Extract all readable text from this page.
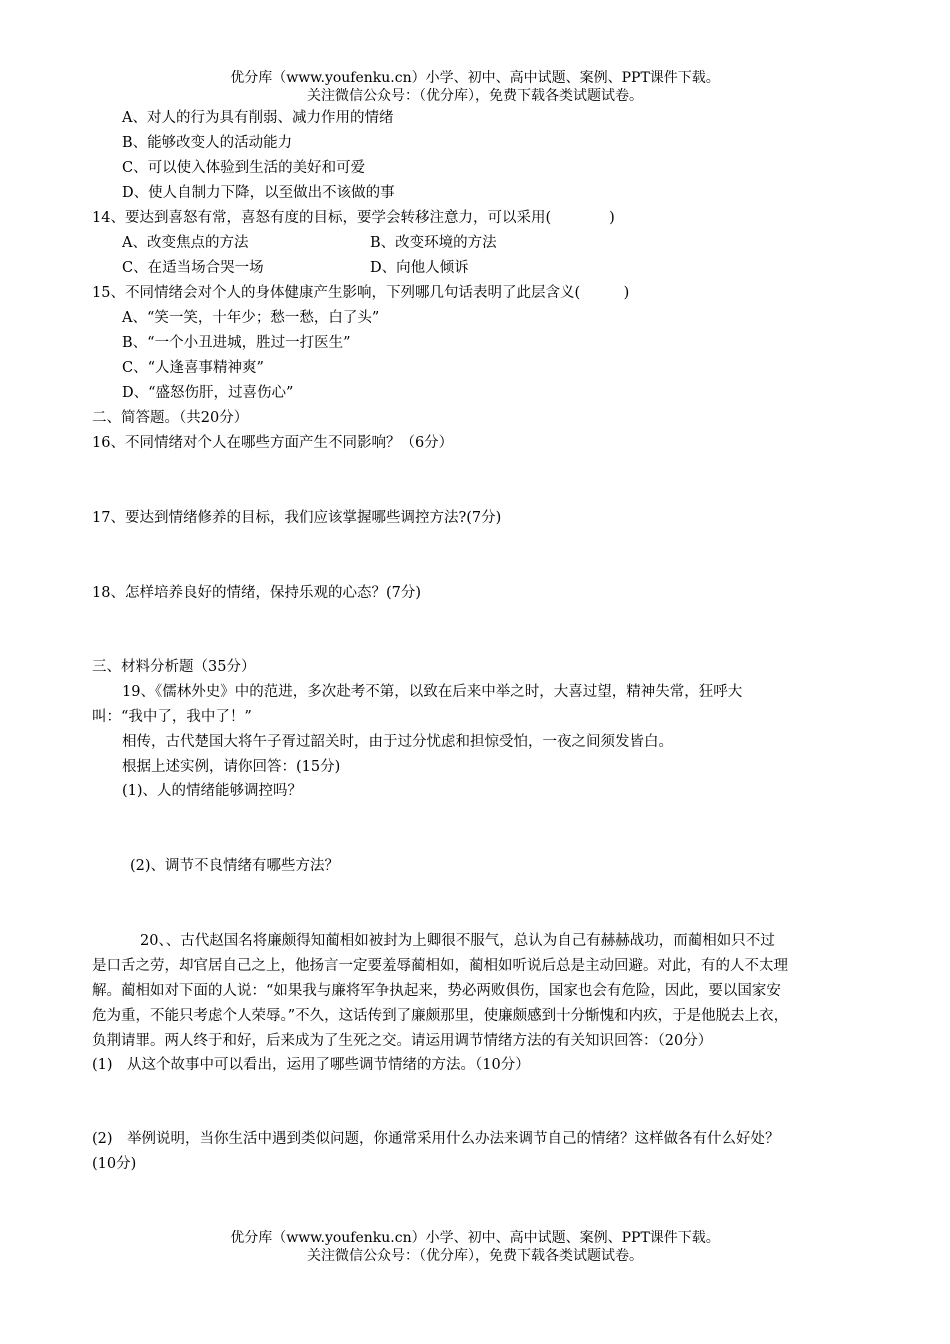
优分库（www.youfenku.cn）小学、初中、高中试题、案例、PPT课件下载。
关注微信公众号：（优分库），免费下载各类试题试卷。
A、对人的行为具有削弱、减力作用的情绪
B、能够改变人的活动能力
C、可以使入体验到生活的美好和可爱
D、使人自制力下降，以至做出不该做的事
14、要达到喜怒有常，喜怒有度的目标，要学会转移注意力，可以采用(　　　　)
A、改变焦点的方法	B、改变环境的方法
C、在适当场合哭一场	D、向他人倾诉
15、不同情绪会对个人的身体健康产生影响，下列哪几句话表明了此层含义(　　　)
A、“笑一笑，十年少；愁一愁，白了头”
B、“一个小丑进城，胜过一打医生”
C、“人逢喜事精神爽”
D、“盛怒伤肝，过喜伤心”
二、简答题。（共20分）
16、不同情绪对个人在哪些方面产生不同影响？（6分）
17、要达到情绪修养的目标，我们应该掌握哪些调控方法?(7分)
18、怎样培养良好的情绪，保持乐观的心态？(7分)
三、材料分析题（35分）
19、《儒林外史》中的范进，多次赴考不第，以致在后来中举之时，大喜过望，精神失常，狂呼大
叫：“我中了，我中了！”
相传，古代楚国大将午子胥过韶关时，由于过分忧虑和担惊受怕，一夜之间须发皆白。
根据上述实例，请你回答：(15分)
(1)、人的情绪能够调控吗？
(2)、调节不良情绪有哪些方法？
20、、古代赵国名将廉颇得知蔺相如被封为上卿很不服气，总认为自己有赫赫战功，而蔺相如只不过
是口舌之劳，却官居自己之上，他扬言一定要羞辱蔺相如，蔺相如听说后总是主动回避。对此，有的人不太理
解。蔺相如对下面的人说：“如果我与廉将军争执起来，势必两败俱伤，国家也会有危险，因此，要以国家安
危为重，不能只考虑个人荣辱。”不久，这话传到了廉颇那里，使廉颇感到十分惭愧和内疚，于是他脱去上衣，
负荆请罪。两人终于和好，后来成为了生死之交。请运用调节情绪方法的有关知识回答：（20分）
(1)　从这个故事中可以看出，运用了哪些调节情绪的方法。（10分）
(2)　举例说明，当你生活中遇到类似问题，你通常采用什么办法来调节自己的情绪？这样做各有什么好处？
(10分)
优分库（www.youfenku.cn）小学、初中、高中试题、案例、PPT课件下载。
关注微信公众号：（优分库），免费下载各类试题试卷。
